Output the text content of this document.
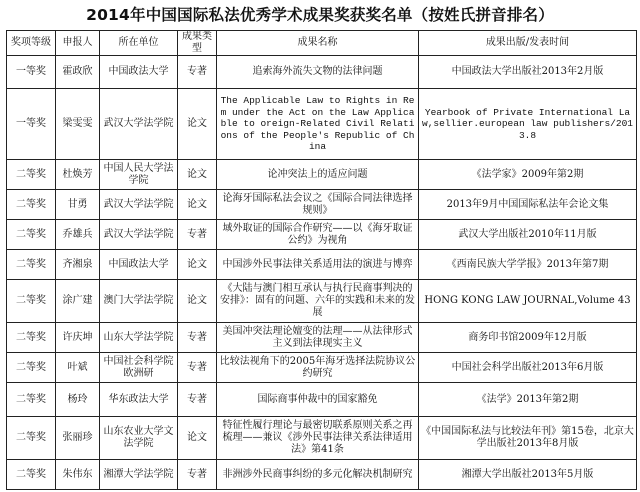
2014年中国国际私法优秀学术成果奖获奖名单（按姓氏拼音排名）
奖项等级	申报人	所在单位	成果类型	成果名称	成果出版/发表时间
一等奖	霍政欣	中国政法大学	专著	追索海外流失文物的法律问题	中国政法大学出版社2013年2月版
一等奖	梁雯雯	武汉大学法学院	论文	The Applicable Law to Rights in Rem under the Act on the Law Applicable to oreign-Related Civil Relations of the People's Republic of China	Yearbook of Private International Law,sellier.european law publishers/2013.8
二等奖	杜焕芳	中国人民大学法学院	论文	论冲突法上的适应问题	《法学家》2009年第2期
二等奖	甘勇	武汉大学法学院	论文	论海牙国际私法会议之《国际合同法律选择规则》	2013年9月中国国际私法年会论文集
二等奖	乔雄兵	武汉大学法学院	专著	域外取证的国际合作研究——以《海牙取证公约》为视角	武汉大学出版社2010年11月版
二等奖	齐湘泉	中国政法大学	论文	中国涉外民事法律关系适用法的演进与博弈	《西南民族大学学报》2013年第7期
二等奖	涂广建	澳门大学法学院	论文	《大陆与澳门相互承认与执行民商事判决的安排》：固有的问题、六年的实践和未来的发展	HONG KONG LAW JOURNAL,Volume 43
二等奖	许庆坤	山东大学法学院	专著	美国冲突法理论嬗变的法理——从法律形式主义到法律现实主义	商务印书馆2009年12月版
二等奖	叶斌	中国社会科学院欧洲研	专著	比较法视角下的2005年海牙选择法院协议公约研究	中国社会科学出版社2013年6月版
二等奖	杨玲	华东政法大学	专著	国际商事仲裁中的国家豁免	《法学》2013年第2期
二等奖	张丽珍	山东农业大学文法学院	论文	特征性履行理论与最密切联系原则关系之再梳理——兼议《涉外民事法律关系法律适用法》第41条	《中国国际私法与比较法年刊》第15卷，北京大学出版社2013年8月版
二等奖	朱伟东	湘潭大学法学院	专著	非洲涉外民商事纠纷的多元化解决机制研究	湘潭大学出版社2013年5月版
